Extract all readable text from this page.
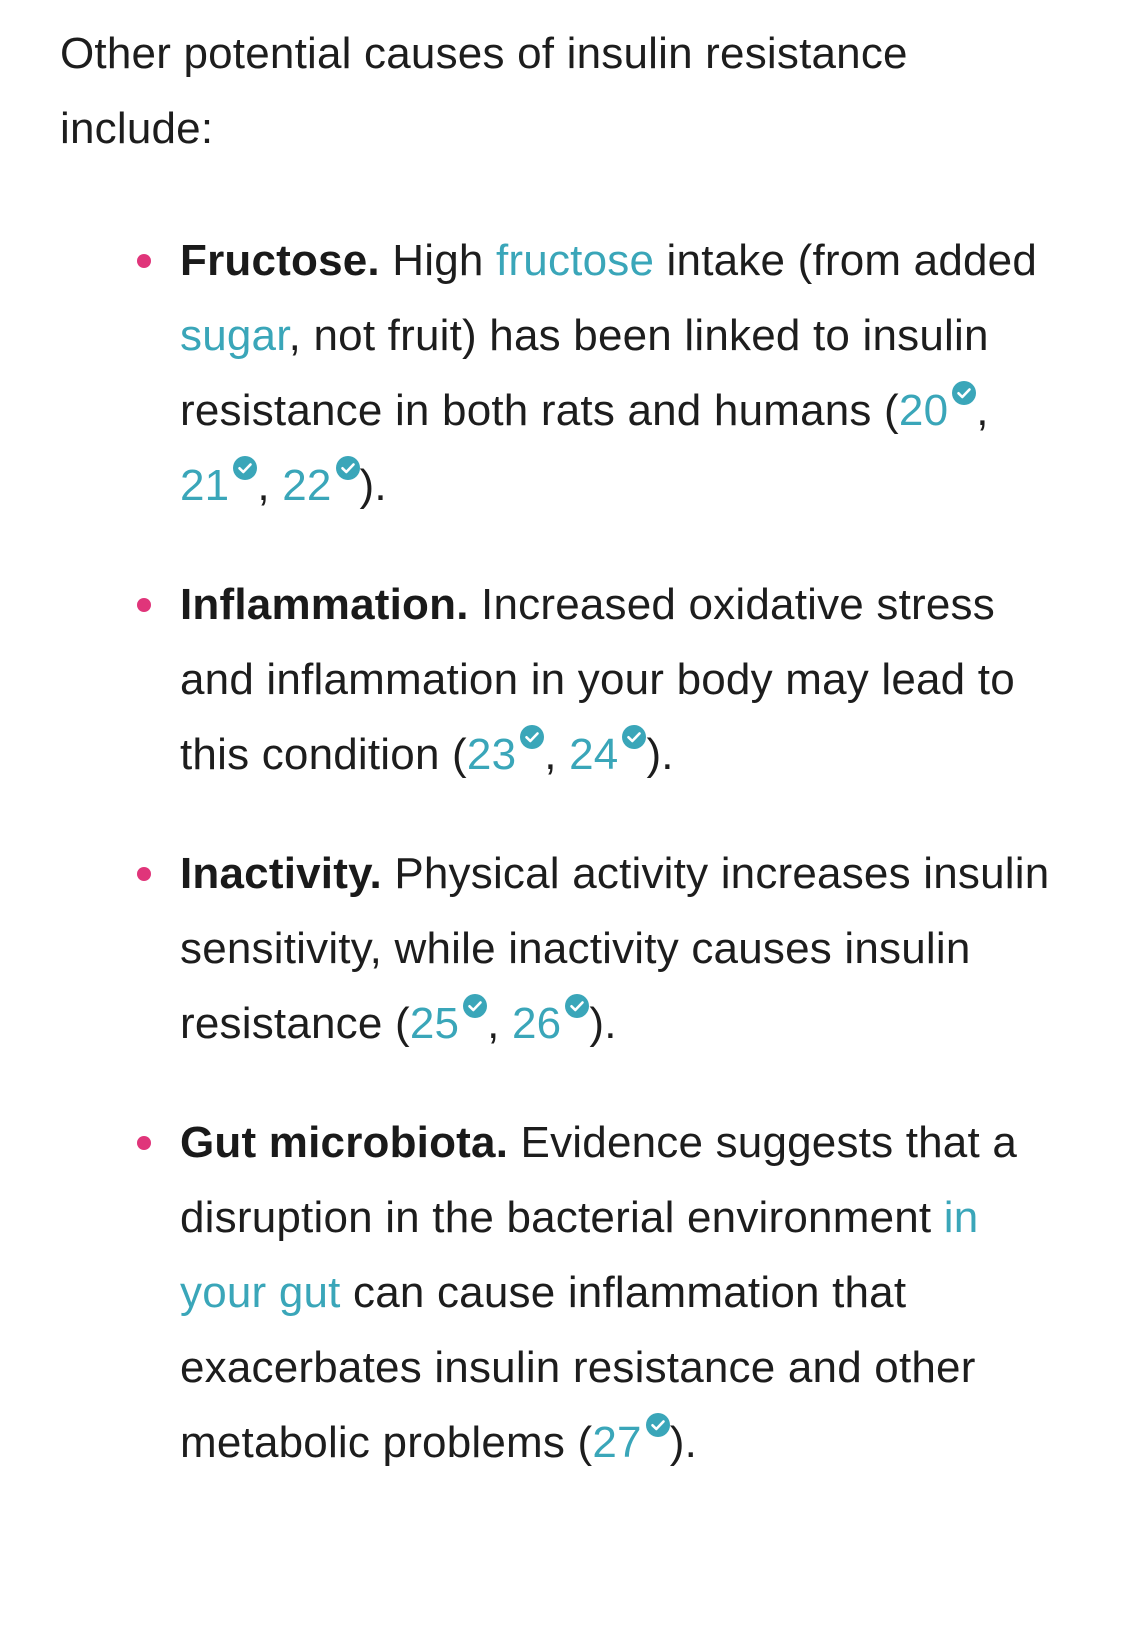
Other potential causes of insulin resistance include:

Fructose. High fructose intake (from added sugar, not fruit) has been linked to insulin resistance in both rats and humans (20 , 21 , 22 ).
Inflammation. Increased oxidative stress and inflammation in your body may lead to this condition (23 , 24 ).
Inactivity. Physical activity increases insulin sensitivity, while inactivity causes insulin resistance (25 , 26 ).
Gut microbiota. Evidence suggests that a disruption in the bacterial environment in your gut can cause inflammation that exacerbates insulin resistance and other metabolic problems (27 ).
